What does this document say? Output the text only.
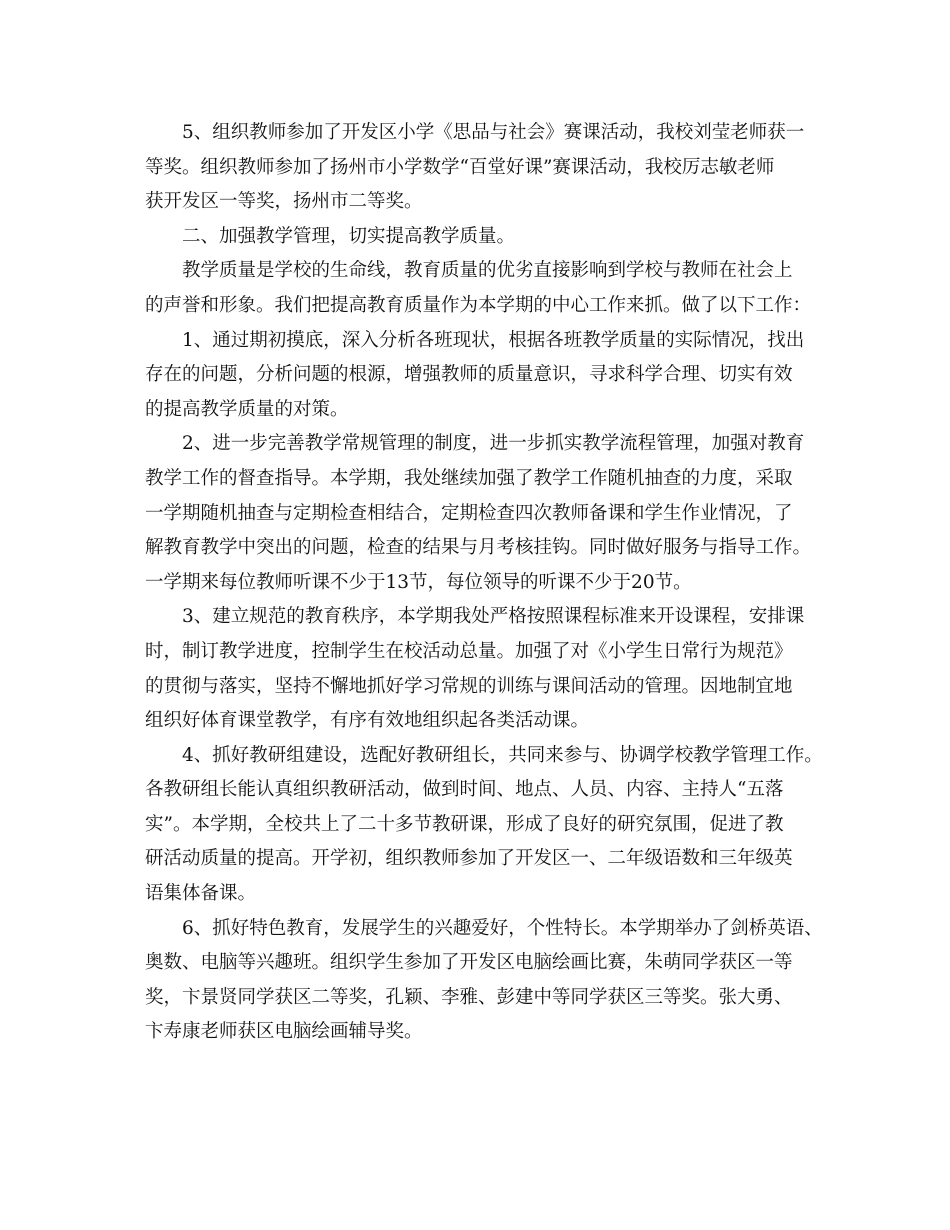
5、组织教师参加了开发区小学《思品与社会》赛课活动，我校刘莹老师获一
等奖。组织教师参加了扬州市小学数学“百堂好课”赛课活动，我校厉志敏老师
获开发区一等奖，扬州市二等奖。
二、加强教学管理，切实提高教学质量。
教学质量是学校的生命线，教育质量的优劣直接影响到学校与教师在社会上
的声誉和形象。我们把提高教育质量作为本学期的中心工作来抓。做了以下工作：
1、通过期初摸底，深入分析各班现状，根据各班教学质量的实际情况，找出
存在的问题，分析问题的根源，增强教师的质量意识，寻求科学合理、切实有效
的提高教学质量的对策。
2、进一步完善教学常规管理的制度，进一步抓实教学流程管理，加强对教育
教学工作的督查指导。本学期，我处继续加强了教学工作随机抽查的力度，采取
一学期随机抽查与定期检查相结合，定期检查四次教师备课和学生作业情况，了
解教育教学中突出的问题，检查的结果与月考核挂钩。同时做好服务与指导工作。
一学期来每位教师听课不少于13节，每位领导的听课不少于20节。
3、建立规范的教育秩序，本学期我处严格按照课程标准来开设课程，安排课
时，制订教学进度，控制学生在校活动总量。加强了对《小学生日常行为规范》
的贯彻与落实，坚持不懈地抓好学习常规的训练与课间活动的管理。因地制宜地
组织好体育课堂教学，有序有效地组织起各类活动课。
4、抓好教研组建设，选配好教研组长，共同来参与、协调学校教学管理工作。
各教研组长能认真组织教研活动，做到时间、地点、人员、内容、主持人“五落
实”。本学期，全校共上了二十多节教研课，形成了良好的研究氛围，促进了教
研活动质量的提高。开学初，组织教师参加了开发区一、二年级语数和三年级英
语集体备课。
6、抓好特色教育，发展学生的兴趣爱好，个性特长。本学期举办了剑桥英语、
奥数、电脑等兴趣班。组织学生参加了开发区电脑绘画比赛，朱萌同学获区一等
奖，卞景贤同学获区二等奖，孔颖、李雅、彭建中等同学获区三等奖。张大勇、
卞寿康老师获区电脑绘画辅导奖。
